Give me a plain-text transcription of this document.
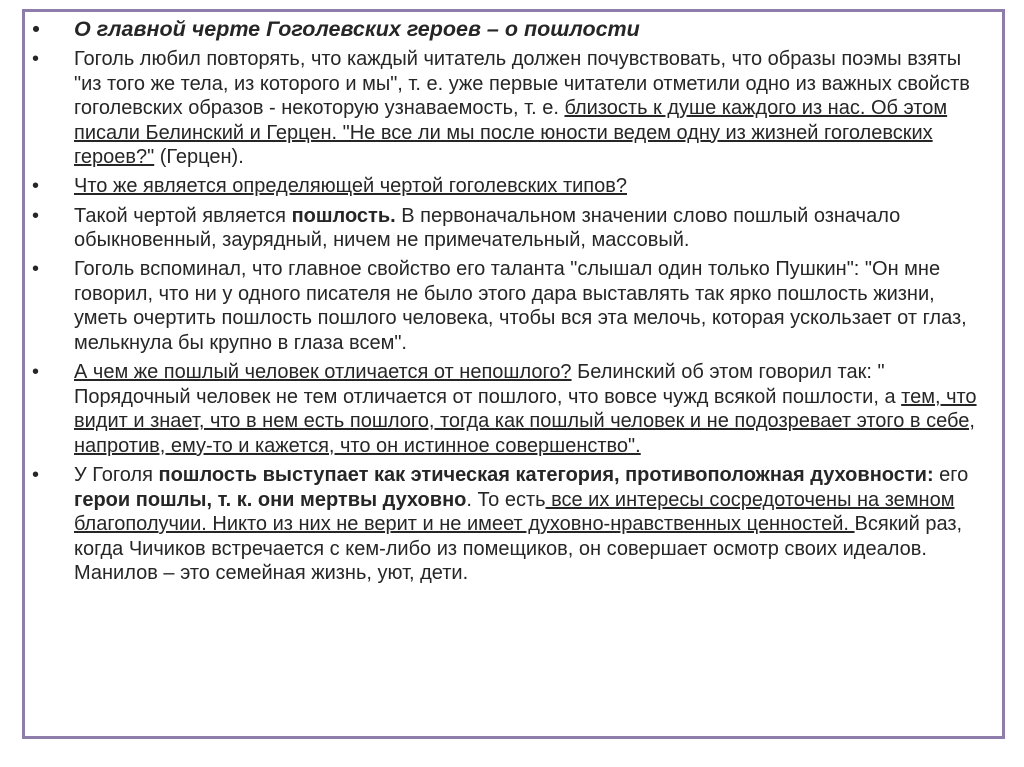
• О главной черте Гоголевских героев – о пошлости
• Гоголь любил повторять, что каждый читатель должен почувствовать, что образы поэмы взяты "из того же тела, из которого и мы", т. е. уже первые читатели отметили одно из важных свойств гоголевских образов - некоторую узнаваемость, т. е. близость к душе каждого из нас. Об этом писали Белинский и Герцен. "Не все ли мы после юности ведем одну из жизней гоголевских героев?" (Герцен).
• Что же является определяющей чертой гоголевских типов?
• Такой чертой является пошлость. В первоначальном значении слово пошлый означало обыкновенный, заурядный, ничем не примечательный, массовый.
• Гоголь вспоминал, что главное свойство его таланта "слышал один только Пушкин": "Он мне говорил, что ни у одного писателя не было этого дара выставлять так ярко пошлость жизни, уметь очертить пошлость пошлого человека, чтобы вся эта мелочь, которая ускользает от глаз, мелькнула бы крупно в глаза всем".
• А чем же пошлый человек отличается от непошлого? Белинский об этом говорил так: " Порядочный человек не тем отличается от пошлого, что вовсе чужд всякой пошлости, а тем, что видит и знает, что в нем есть пошлого, тогда как пошлый человек и не подозревает этого в себе, напротив, ему-то и кажется, что он истинное совершенство".
• У Гоголя пошлость выступает как этическая категория, противоположная духовности: его герои пошлы, т. к. они мертвы духовно. То есть все их интересы сосредоточены на земном благополучии. Никто из них не верит и не имеет духовно-нравственных ценностей. Всякий раз, когда Чичиков встречается с кем-либо из помещиков, он совершает осмотр своих идеалов. Манилов – это семейная жизнь, уют, дети.
